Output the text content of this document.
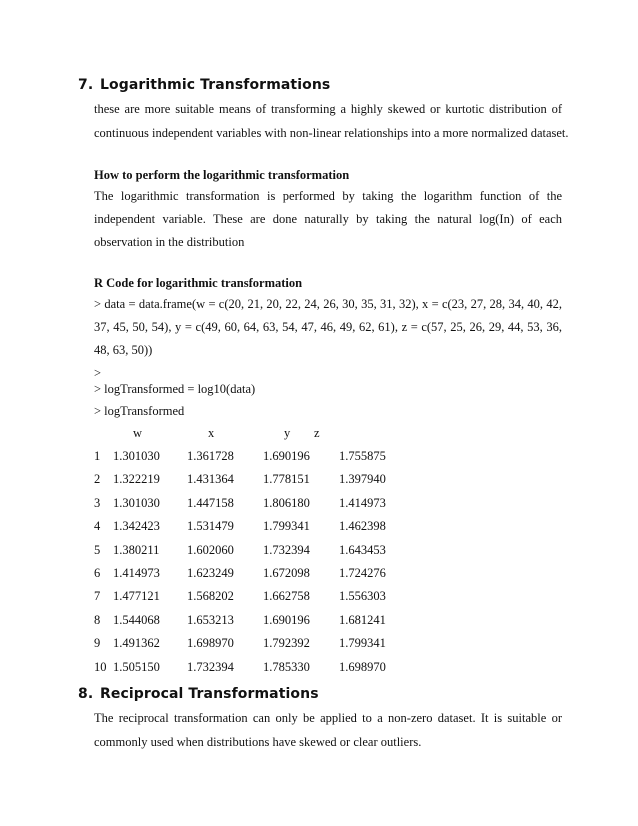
7. Logarithmic Transformations
these are more suitable means of transforming a highly skewed or kurtotic distribution of
continuous independent variables with non-linear relationships into a more normalized dataset.
How to perform the logarithmic transformation
The logarithmic transformation is performed by taking the logarithm function of the
independent variable. These are done naturally by taking the natural log(In) of each
observation in the distribution
R Code for logarithmic transformation
> data = data.frame(w = c(20, 21, 20, 22, 24, 26, 30, 35, 31, 32), x = c(23, 27, 28, 34, 40, 42,
37, 45, 50, 54), y = c(49, 60, 64, 63, 54, 47, 46, 49, 62, 61), z = c(57, 25, 26, 29, 44, 53, 36,
48, 63, 50))
>
> logTransformed = log10(data)
> logTransformed
w	x	y z
1 1.301030 1.361728 1.690196 1.755875
2 1.322219 1.431364 1.778151 1.397940
3 1.301030 1.447158 1.806180 1.414973
4 1.342423 1.531479 1.799341 1.462398
5 1.380211 1.602060 1.732394 1.643453
6 1.414973 1.623249 1.672098 1.724276
7 1.477121 1.568202 1.662758 1.556303
8 1.544068 1.653213 1.690196 1.681241
9 1.491362 1.698970 1.792392 1.799341
10 1.505150 1.732394 1.785330 1.698970
8. Reciprocal Transformations
The reciprocal transformation can only be applied to a non-zero dataset. It is suitable or
commonly used when distributions have skewed or clear outliers.
